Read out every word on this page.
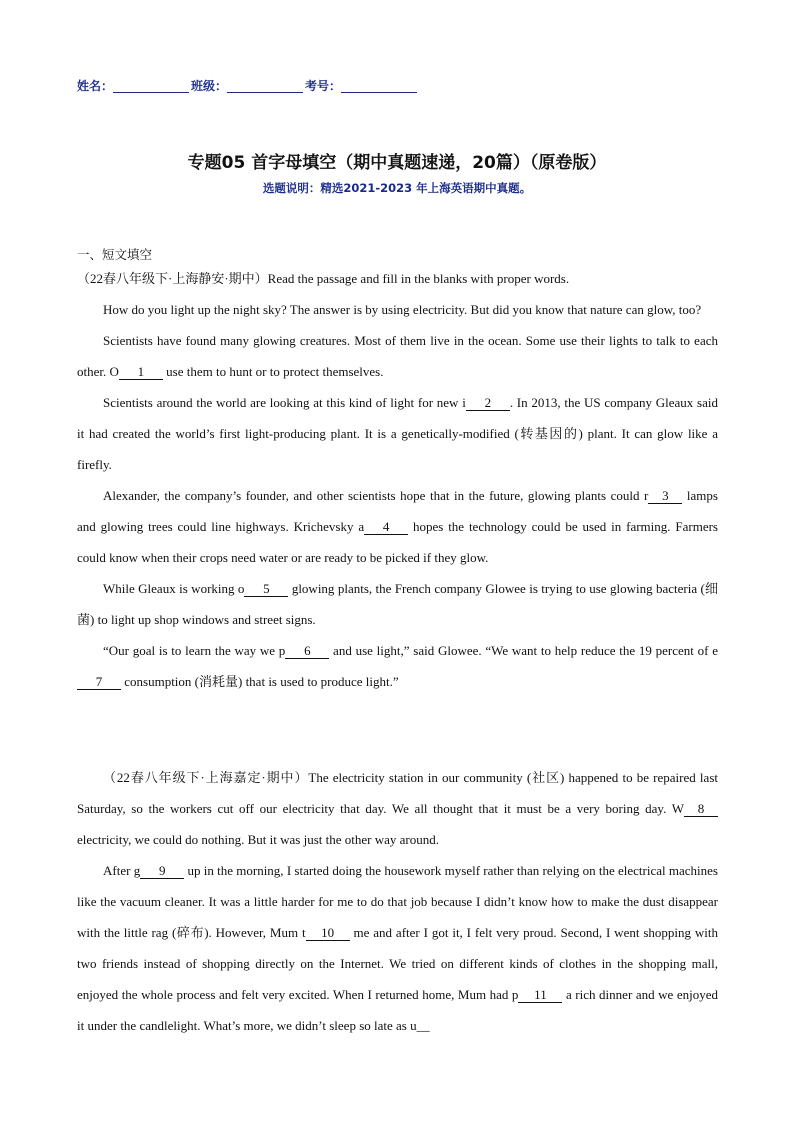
姓名：	班级：	考号：
专题05 首字母填空（期中真题速递，20篇）（原卷版）
选题说明：精选2021-2023 年上海英语期中真题。
一、短文填空

（22春八年级下·上海静安·期中）Read the passage and fill in the blanks with proper words.

How do you light up the night sky? The answer is by using electricity. But did you know that nature can glow, too?

Scientists have found many glowing creatures. Most of them live in the ocean. Some use their lights to talk to each other. O 1 use them to hunt or to protect themselves.

Scientists around the world are looking at this kind of light for new i 2 . In 2013, the US company Gleaux said it had created the world’s first light-producing plant. It is a genetically-modified (转基因的) plant. It can glow like a firefly.

Alexander, the company’s founder, and other scientists hope that in the future, glowing plants could r 3 lamps and glowing trees could line highways. Krichevsky a 4 hopes the technology could be used in farming. Farmers could know when their crops need water or are ready to be picked if they glow.

While Gleaux is working o 5 glowing plants, the French company Glowee is trying to use glowing bacteria (细菌) to light up shop windows and street signs.

“Our goal is to learn the way we p 6 and use light,” said Glowee. “We want to help reduce the 19 percent of e7 consumption (消耗量) that is used to produce light.”

（22春八年级下·上海嘉定·期中）The electricity station in our community (社区) happened to be repaired last Saturday, so the workers cut off our electricity that day. We all thought that it must be a very boring day. W 8 electricity, we could do nothing. But it was just the other way around.

After g 9 up in the morning, I started doing the housework myself rather than relying on the electrical machines like the vacuum cleaner. It was a little harder for me to do that job because I didn’t know how to make the dust disappear with the little rag (碎布). However, Mum t 10 me and after I got it, I felt very proud. Second, I went shopping with two friends instead of shopping directly on the Internet. We tried on different kinds of clothes in the shopping mall, enjoyed the whole process and felt very excited. When I returned home, Mum had p 11 a rich dinner and we enjoyed it under the candlelight. What’s more, we didn’t sleep so late as u__
